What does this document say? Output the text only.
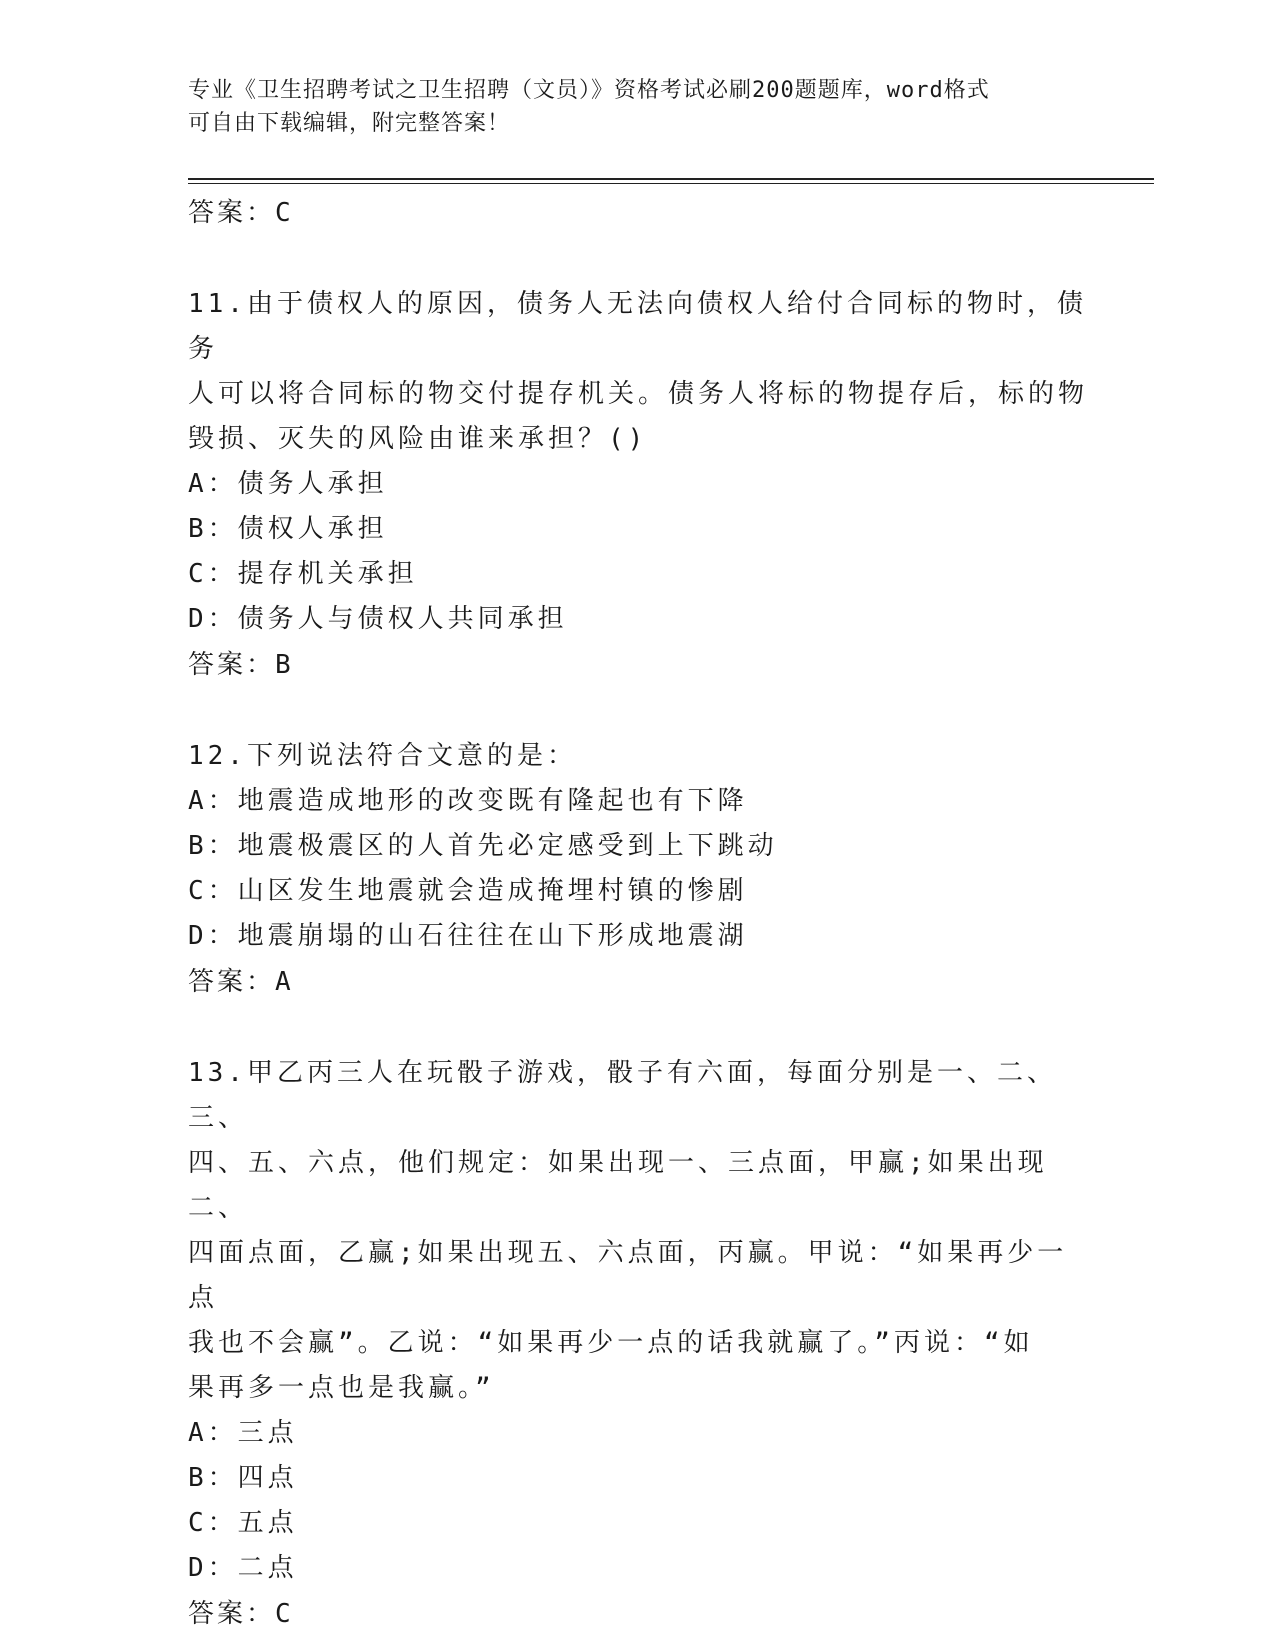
专业《卫生招聘考试之卫生招聘（文员）》资格考试必刷200题题库，word格式
可自由下载编辑，附完整答案！
答案：C
11.由于债权人的原因，债务人无法向债权人给付合同标的物时，债务
人可以将合同标的物交付提存机关。债务人将标的物提存后，标的物
毁损、灭失的风险由谁来承担？()
A：债务人承担
B：债权人承担
C：提存机关承担
D：债务人与债权人共同承担
答案：B
12.下列说法符合文意的是：
A：地震造成地形的改变既有隆起也有下降
B：地震极震区的人首先必定感受到上下跳动
C：山区发生地震就会造成掩埋村镇的惨剧
D：地震崩塌的山石往往在山下形成地震湖
答案：A
13.甲乙丙三人在玩骰子游戏，骰子有六面，每面分别是一、二、三、
四、五、六点，他们规定：如果出现一、三点面，甲赢;如果出现二、
四面点面，乙赢;如果出现五、六点面，丙赢。甲说：“如果再少一点
我也不会赢”。乙说：“如果再少一点的话我就赢了。”丙说：“如
果再多一点也是我赢。”
A：三点
B：四点
C：五点
D：二点
答案：C
